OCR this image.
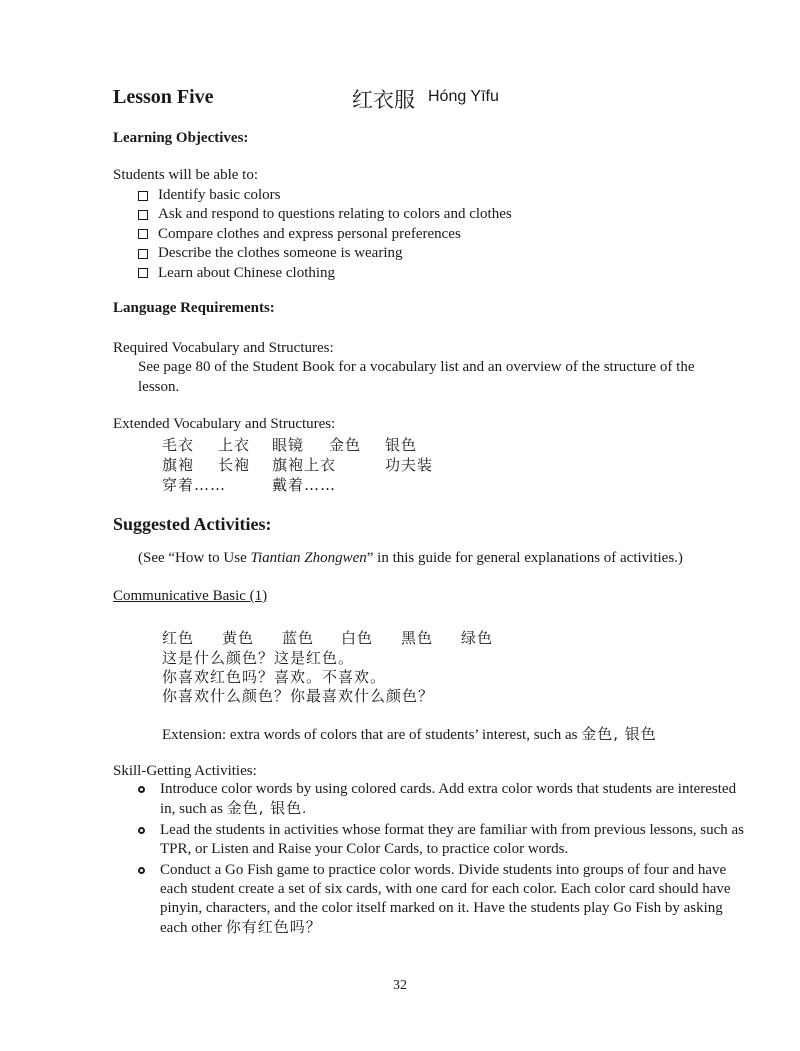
Lesson Five	红衣服 Hóng Yīfu
Learning Objectives:
Students will be able to:
Identify basic colors
Ask and respond to questions relating to colors and clothes
Compare clothes and express personal preferences
Describe the clothes someone is wearing
Learn about Chinese clothing
Language Requirements:
Required Vocabulary and Structures:
See page 80 of the Student Book for a vocabulary list and an overview of the structure of the lesson.
Extended Vocabulary and Structures:
毛衣 上衣 眼镜 金色 银色
旗袍 长袍 旗袍上衣	功夫装
穿着……	戴着……
Suggested Activities:
(See “How to Use Tiantian Zhongwen” in this guide for general explanations of activities.)
Communicative Basic (1)
红色 黄色 蓝色 白色 黑色 绿色
这是什么颜色？这是红色。
你喜欢红色吗？喜欢。不喜欢。
你喜欢什么颜色？你最喜欢什么颜色？
Extension: extra words of colors that are of students’ interest, such as 金色, 银色
Skill-Getting Activities:
Introduce color words by using colored cards. Add extra color words that students are interested in, such as 金色, 银色.
Lead the students in activities whose format they are familiar with from previous lessons, such as TPR, or Listen and Raise your Color Cards, to practice color words.
Conduct a Go Fish game to practice color words. Divide students into groups of four and have each student create a set of six cards, with one card for each color. Each color card should have pinyin, characters, and the color itself marked on it. Have the students play Go Fish by asking each other 你有红色吗？
32
